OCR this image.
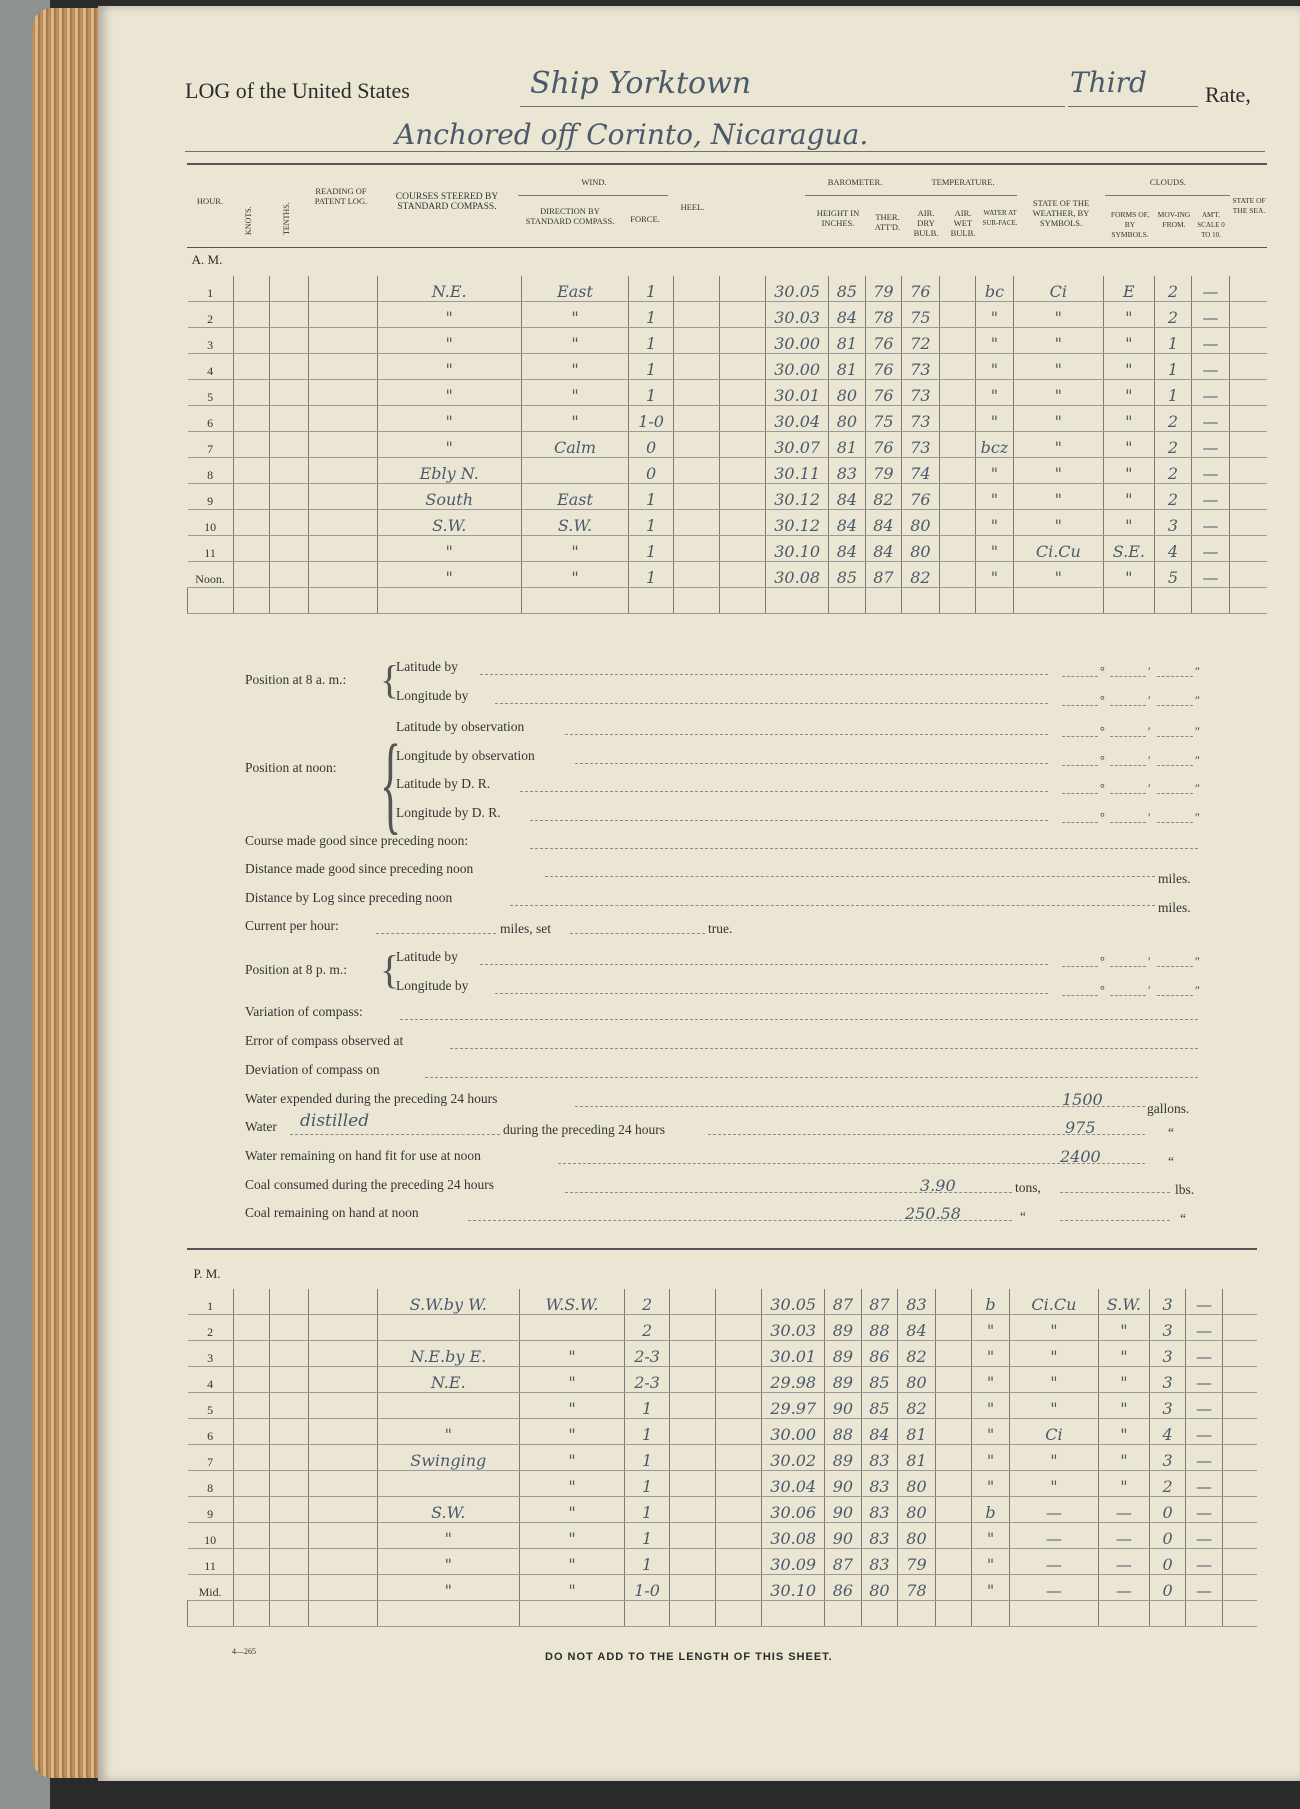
LOG of the United States	Ship Yorktown	Third	Rate,
Anchored off Corinto, Nicaragua.
HOUR.
KNOTS.	TENTHS.
READING OF PATENT LOG.	COURSES STEERED BY STANDARD COMPASS.
WIND.
DIRECTION BY STANDARD COMPASS.	FORCE.
HEEL.
BAROMETER.
HEIGHT IN INCHES.
THER. ATT'D.
TEMPERATURE.
AIR. DRY BULB.
AIR. WET BULB.
WATER AT SUR-FACE.
STATE OF THE WEATHER, BY SYMBOLS.
CLOUDS.
FORMS OF, BY SYMBOLS.
MOV-ING FROM.
AM'T. SCALE 0 TO 10.
STATE OF THE SEA.
A. M.
1				N.E.	East	1			30.05	85	79	76		bc	Ci	E	2	—	
2				"	"	1			30.03	84	78	75		"	"	"	2	—	
3				"	"	1			30.00	81	76	72		"	"	"	1	—	
4				"	"	1			30.00	81	76	73		"	"	"	1	—	
5				"	"	1			30.01	80	76	73		"	"	"	1	—	
6				"	"	1-0			30.04	80	75	73		"	"	"	2	—	
7				"	Calm	0			30.07	81	76	73		bcz	"	"	2	—	
8				Ebly N.		0			30.11	83	79	74		"	"	"	2	—	
9				South	East	1			30.12	84	82	76		"	"	"	2	—	
10				S.W.	S.W.	1			30.12	84	84	80		"	"	"	3	—	
11				"	"	1			30.10	84	84	80		"	Ci.Cu	S.E.	4	—	
Noon.				"	"	1			30.08	85	87	82		"	"	"	5	—	

Position at 8 a. m.: {
Latitude by
Longitude by
Position at noon: {
Latitude by observation
Longitude by observation
Latitude by D. R.
Longitude by D. R.
°	′	″
°	′	″
°	′	″
°	′	″
°	′	″
°	′	″
°	′	″
°	′	″
Course made good since preceding noon:
Distance made good since preceding noon
miles.
Distance by Log since preceding noon
miles.
Current per hour:	miles, set	true.
Position at 8 p. m.: {
Latitude by
Longitude by
Variation of compass:
Error of compass observed at
Deviation of compass on
Water expended during the preceding 24 hours	1500	gallons.
Water distilled	during the preceding 24 hours	975	“
Water remaining on hand fit for use at noon	2400	“
Coal consumed during the preceding 24 hours	3.90	tons,	lbs.
Coal remaining on hand at noon	250.58	“	“
P. M.
1				S.W.by W.	W.S.W.	2			30.05	87	87	83		b	Ci.Cu	S.W.	3	—	
2						2			30.03	89	88	84		"	"	"	3	—	
3				N.E.by E.	"	2-3			30.01	89	86	82		"	"	"	3	—	
4				N.E.	"	2-3			29.98	89	85	80		"	"	"	3	—	
5					"	1			29.97	90	85	82		"	"	"	3	—	
6				"	"	1			30.00	88	84	81		"	Ci	"	4	—	
7				Swinging	"	1			30.02	89	83	81		"	"	"	3	—	
8					"	1			30.04	90	83	80		"	"	"	2	—	
9				S.W.	"	1			30.06	90	83	80		b	—	—	0	—	
10				"	"	1			30.08	90	83	80		"	—	—	0	—	
11				"	"	1			30.09	87	83	79		"	—	—	0	—	
Mid.				"	"	1-0			30.10	86	80	78		"	—	—	0	—	

4—265	DO NOT ADD TO THE LENGTH OF THIS SHEET.
